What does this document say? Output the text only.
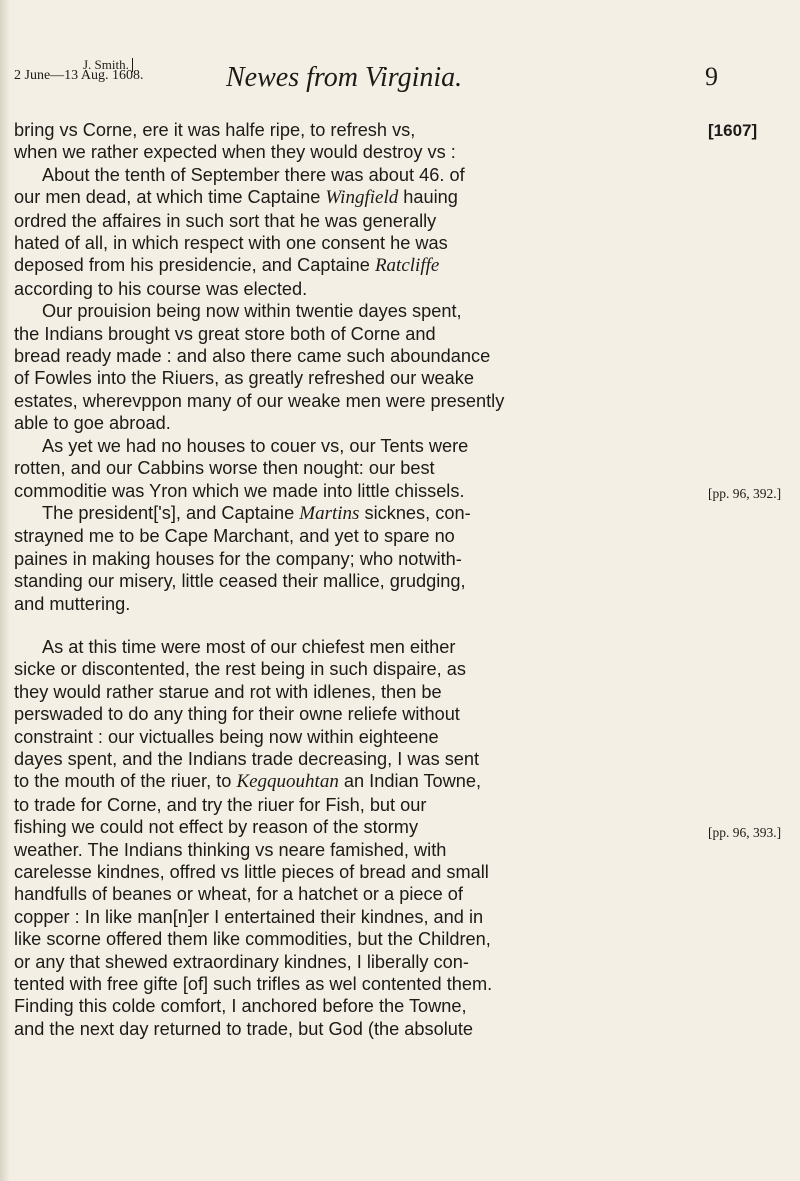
2 June—13 Aug. 1608.
J. Smith.	Newes from Virginia.	9
[1607]
[pp. 96, 392.]
[pp. 96, 393.]

bring vs Corne, ere it was halfe ripe, to refresh vs,
when we rather expected when they would destroy vs :

About the tenth of September there was about 46. of
our men dead, at which time Captaine Wingfield hauing
ordred the affaires in such sort that he was generally
hated of all, in which respect with one consent he was
deposed from his presidencie, and Captaine Ratcliffe
according to his course was elected.

Our prouision being now within twentie dayes spent,
the Indians brought vs great store both of Corne and
bread ready made : and also there came such aboundance
of Fowles into the Riuers, as greatly refreshed our weake
estates, wherevppon many of our weake men were presently
able to goe abroad.

As yet we had no houses to couer vs, our Tents were
rotten, and our Cabbins worse then nought: our best
commoditie was Yron which we made into little chissels.

The president['s], and Captaine Martins sicknes, con-
strayned me to be Cape Marchant, and yet to spare no
paines in making houses for the company; who notwith-
standing our misery, little ceased their mallice, grudging,
and muttering.

As at this time were most of our chiefest men either
sicke or discontented, the rest being in such dispaire, as
they would rather starue and rot with idlenes, then be
perswaded to do any thing for their owne reliefe without
constraint : our victualles being now within eighteene
dayes spent, and the Indians trade decreasing, I was sent
to the mouth of the riuer, to Kegquouhtan an Indian Towne,
to trade for Corne, and try the riuer for Fish, but our
fishing we could not effect by reason of the stormy
weather. The Indians thinking vs neare famished, with
carelesse kindnes, offred vs little pieces of bread and small
handfulls of beanes or wheat, for a hatchet or a piece of
copper : In like man[n]er I entertained their kindnes, and in
like scorne offered them like commodities, but the Children,
or any that shewed extraordinary kindnes, I liberally con-
tented with free gifte [of] such trifles as wel contented them.
Finding this colde comfort, I anchored before the Towne,
and the next day returned to trade, but God (the absolute
